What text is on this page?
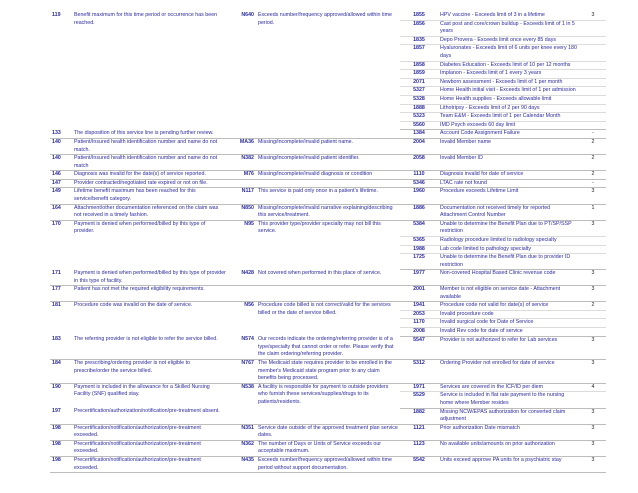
119	Benefit maximum for this time period or occurrence has been reached.	N640	Exceeds number/frequency approved/allowed within time period.	1855	HPV vaccine - Exceeds limit of 3 in a lifetime	3
				1856	Cast post and core/crown buildup - Exceeds limit of 1 in 5 years	
				1835	Depo Provera - Exceeds limit once every 85 days	
				1857	Hyaluronates - Exceeds limit of 6 units per knee every 180 days	
				1858	Diabetes Education - Exceeds limit of 10 per 12 months	
				1859	Implanon - Exceeds limit of 1 every 3 years	
				2071	Newborn assessment - Exceeds limit of 1 per month	
				5327	Home Health initial visit - Exceeds limit of 1 per admission	
				5328	Home Health supplies - Exceeds allowable limit	
				1888	Lithotripsy - Exceeds limit of 2 per 90 days	
				5323	Team E&M - Exceeds limit of 1 per Calendar Month	
				5560	IMD Psych exceeds 60 day limit	
133	The disposition of this service line is pending further review.			1384	Account Code Assignment Failure	-
140	Patient/Insured health identification number and name do not match.	MA36	Missing/incomplete/invalid patient name.	2004	Invalid Member name	2
140	Patient/Insured health identification number and name do not match	N382	Missing/incomplete/invalid patient identifier.	2058	Invalid Member ID	2
146	Diagnosis was invalid for the date(s) of service reported.	M76	Missing/incomplete/invalid diagnosis or condition	1110	Diagnosis invalid for date of service	2
147	Provider contracted/negotiated rate expired or not on file.			5346	LTAC rate not found	-
149	Lifetime benefit maximum has been reached for this service/benefit category.	N117	This service is paid only once in a patient's lifetime.	1960	Procedure exceeds Lifetime Limit	3
164	Attachment/other documentation referenced on the claim was not received in a timely fashion.	N850	Missing/incomplete/invalid narrative explaining/describing this service/treatment.	1886	Documentation not received timely for reported Attachment Control Number	1
170	Payment is denied when performed/billed by this type of provider.	N95	This provider type/provider specialty may not bill this service.	5384	Unable to determine the Benefit Plan due to PT/SP/SSP restriction	3
				5365	Radiology procedure limited to radiology specialty	
				1988	Lab code limited to pathology specialty	
				1725	Unable to determine the Benefit Plan due to provider ID restriction	
171	Payment is denied when performed/billed by this type of provider in this type of facility.	N428	Not covered when performed in this place of service.	1977	Non-covered Hospital Based Clinic revenue code	3
177	Patient has not met the required eligibility requirements.			2001	Member is not eligible on service date - Attachment available	3
181	Procedure code was invalid on the date of service.	N56	Procedure code billed is not correct/valid for the services billed or the date of service billed.	1941	Procedure code not valid for date(s) of service	2
				2053	Invalid procedure code	
				1170	Invalid surgical code for Date of Service	
				2008	Invalid Rev code for date of service	
183	The referring provider is not eligible to refer the service billed.	N574	Our records indicate the ordering/referring provider is of a type/specialty that cannot order or refer. Please verify that the claim ordering/referring provider.	5547	Provider is not authorized to refer for Lab services	3
184	The prescribing/ordering provider is not eligible to prescribe/order the service billed.	N767	The Medicaid state requires provider to be enrolled in the member's Medicaid state program prior to any claim benefits being processed.	5312	Ordering Provider not enrolled for date of service	3
190	Payment is included in the allowance for a Skilled Nursing Facility (SNF) qualified stay.	N538	A facility is responsible for payment to outside providers who furnish these services/supplies/drugs to its patients/residents.	1971	Services are covered in the ICF/ID per diem	4
				5529	Service is included in flat rate payment to the nursing home where Member resides	
197	Precertification/authorization/notification/pre-treatment absent.			1882	Missing NCW/EPAS authorization for converted claim adjustment	3
198	Precertification/notification/authorization/pre-treatment exceeded.	N351	Service date outside of the approved treatment plan service dates.	1121	Prior authorization Date mismatch	3
198	Precertification/notification/authorization/pre-treatment exceeded.	N362	The number of Days or Units of Service exceeds our acceptable maximum.	1123	No available units/amounts on prior authorization	3
198	Precertification/notification/authorization/pre-treatment exceeded.	N435	Exceeds number/frequency approved/allowed within time period without support documentation.	5542	Units exceed approve PA units for a psychiatric stay	3
